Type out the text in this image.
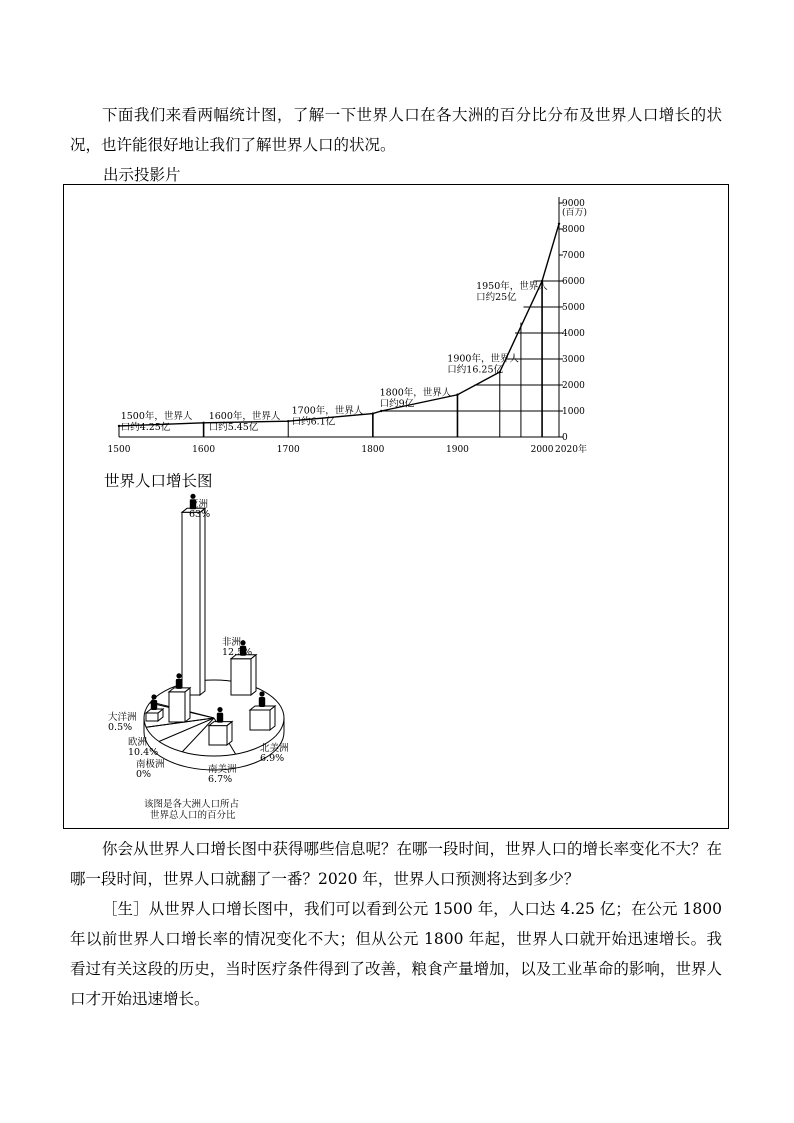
下面我们来看两幅统计图，了解一下世界人口在各大洲的百分比分布及世界人口增长的状况，也许能很好地让我们了解世界人口的状况。

出示投影片
0
1000
2000
3000
4000
5000
6000
7000
8000
9000
(百万)
1500	1600	1700	1800	1900	2000 2020年
1500年，世界人
口约4.25亿
1600年，世界人
口约5.45亿
1700年，世界人
口约6.1亿
1800年，世界人
口约9亿
1900年，世界人
口约16.25亿
1950年，世界人
口约25亿
世界人口增长图
亚洲
63%
非洲
12.5%
北美洲
6.9%
南美洲
6.7%
南极洲
0%
欧洲
10.4%
大洋洲
0.5%
该图是各大洲人口所占
世界总人口的百分比

你会从世界人口增长图中获得哪些信息呢？在哪一段时间，世界人口的增长率变化不大？在哪一段时间，世界人口就翻了一番？2020 年，世界人口预测将达到多少？

［生］从世界人口增长图中，我们可以看到公元 1500 年，人口达 4.25 亿；在公元 1800 年以前世界人口增长率的情况变化不大；但从公元 1800 年起，世界人口就开始迅速增长。我看过有关这段的历史，当时医疗条件得到了改善，粮食产量增加，以及工业革命的影响，世界人口才开始迅速增长。
